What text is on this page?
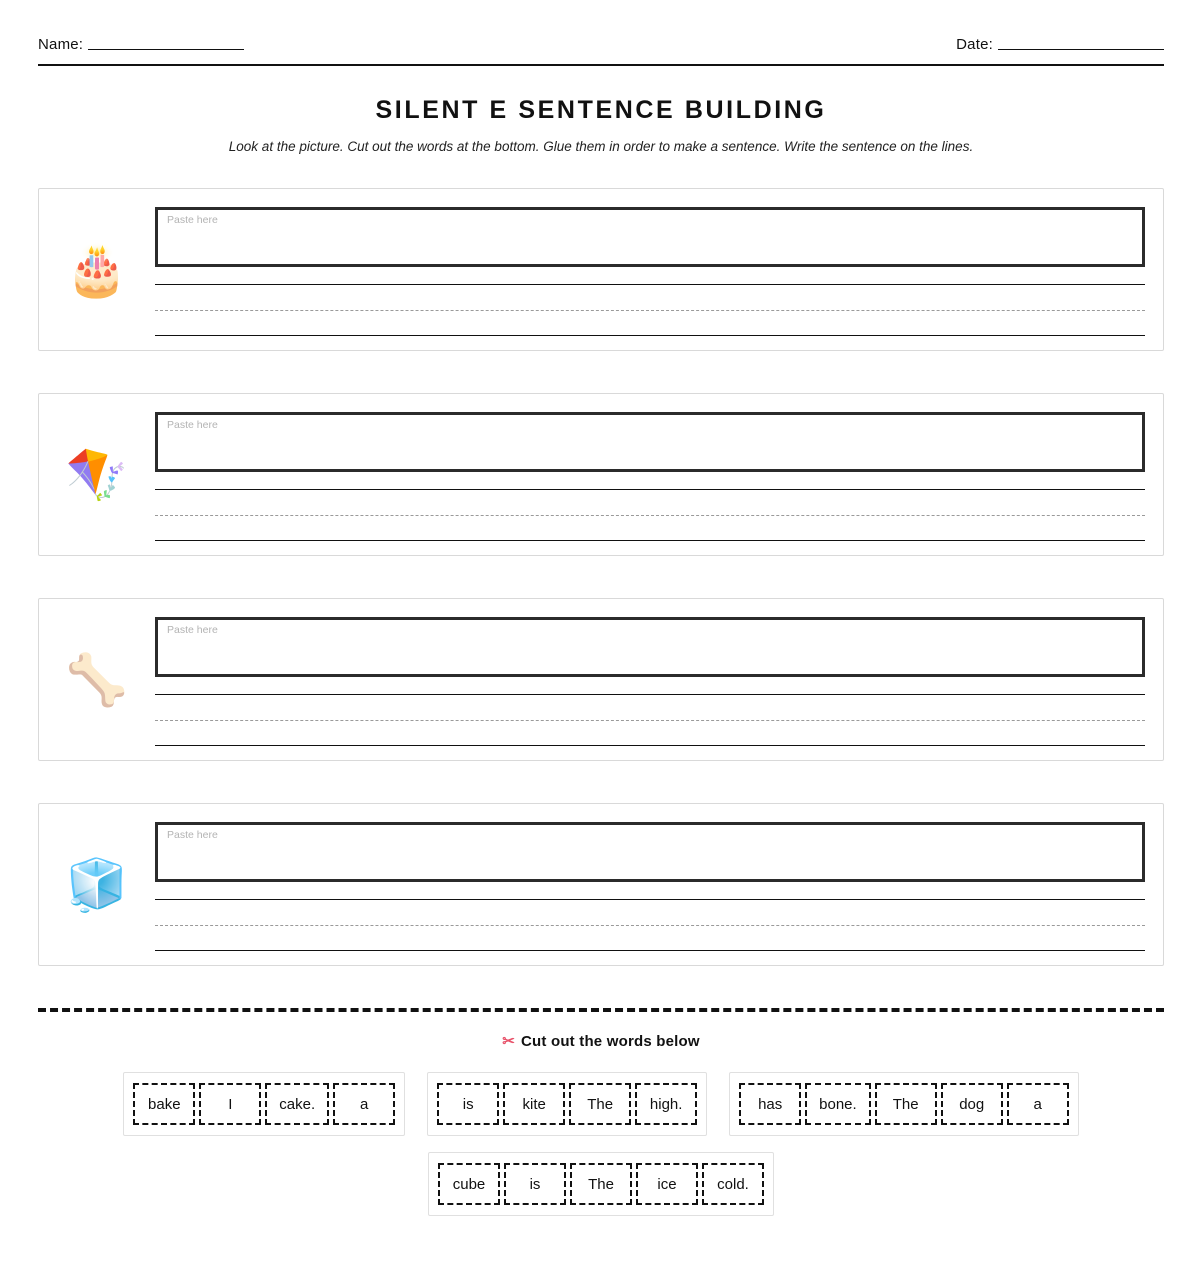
Name:	Date:
SILENT E SENTENCE BUILDING

Look at the picture. Cut out the words at the bottom. Glue them in order to make a sentence. Write the sentence on the lines.

🎂
Paste here
🪁
Paste here
🦴
Paste here
🧊
Paste here
✂ Cut out the words below
bake	I	cake.	a	is	kite	The	high.	has	bone.	The	dog	a
cube	is	The	ice	cold.
